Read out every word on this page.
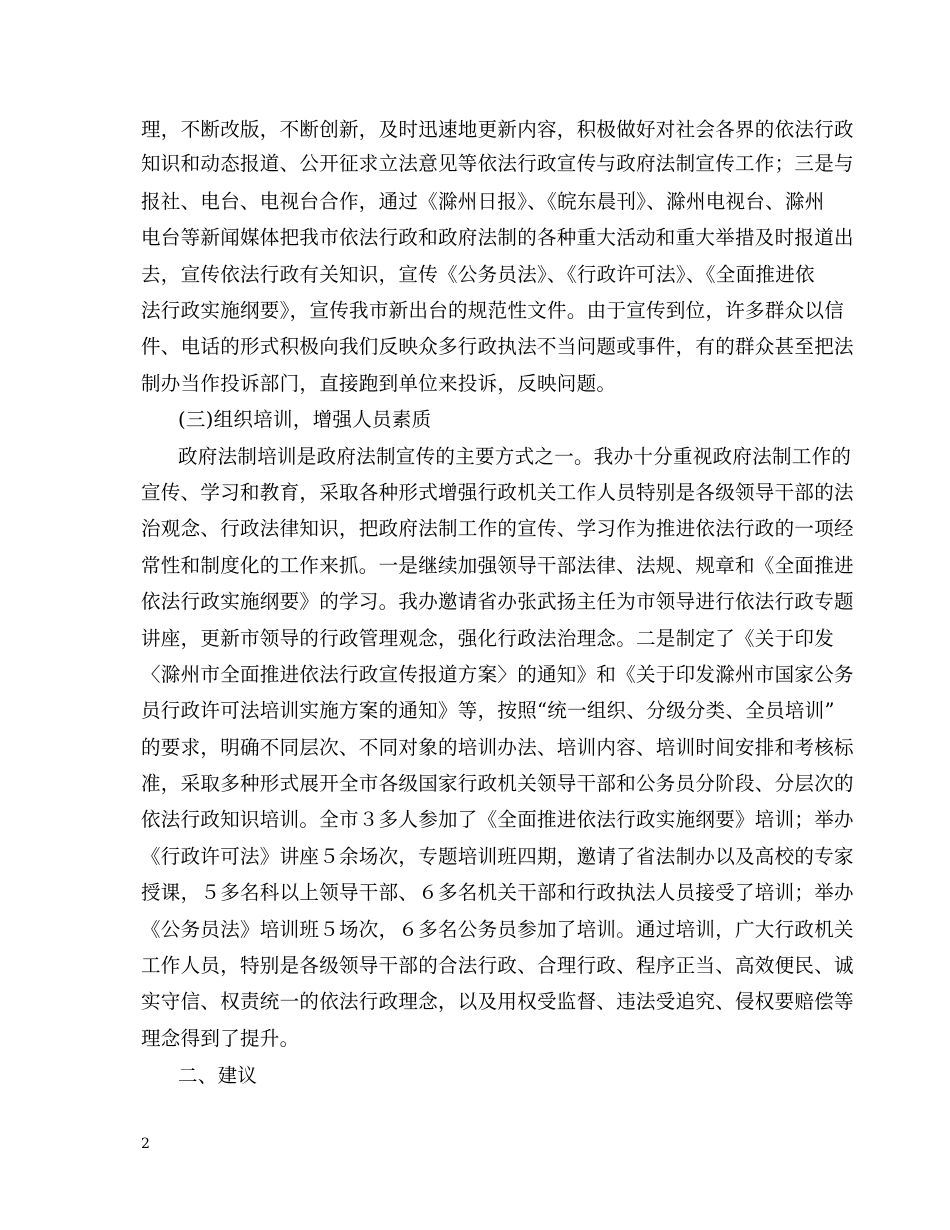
理，不断改版，不断创新，及时迅速地更新内容，积极做好对社会各界的依法行政
知识和动态报道、公开征求立法意见等依法行政宣传与政府法制宣传工作；三是与
报社、电台、电视台合作，通过《滁州日报》、《皖东晨刊》、滁州电视台、滁州
电台等新闻媒体把我市依法行政和政府法制的各种重大活动和重大举措及时报道出
去，宣传依法行政有关知识，宣传《公务员法》、《行政许可法》、《全面推进依
法行政实施纲要》，宣传我市新出台的规范性文件。由于宣传到位，许多群众以信
件、电话的形式积极向我们反映众多行政执法不当问题或事件，有的群众甚至把法
制办当作投诉部门，直接跑到单位来投诉，反映问题。
(三)组织培训，增强人员素质
政府法制培训是政府法制宣传的主要方式之一。我办十分重视政府法制工作的
宣传、学习和教育，采取各种形式增强行政机关工作人员特别是各级领导干部的法
治观念、行政法律知识，把政府法制工作的宣传、学习作为推进依法行政的一项经
常性和制度化的工作来抓。一是继续加强领导干部法律、法规、规章和《全面推进
依法行政实施纲要》的学习。我办邀请省办张武扬主任为市领导进行依法行政专题
讲座，更新市领导的行政管理观念，强化行政法治理念。二是制定了《关于印发
〈滁州市全面推进依法行政宣传报道方案〉的通知》和《关于印发滁州市国家公务
员行政许可法培训实施方案的通知》等，按照“统一组织、分级分类、全员培训”
的要求，明确不同层次、不同对象的培训办法、培训内容、培训时间安排和考核标
准，采取多种形式展开全市各级国家行政机关领导干部和公务员分阶段、分层次的
依法行政知识培训。全市３多人参加了《全面推进依法行政实施纲要》培训；举办
《行政许可法》讲座５余场次，专题培训班四期，邀请了省法制办以及高校的专家
授课，５多名科以上领导干部、６多名机关干部和行政执法人员接受了培训；举办
《公务员法》培训班５场次，６多名公务员参加了培训。通过培训，广大行政机关
工作人员，特别是各级领导干部的合法行政、合理行政、程序正当、高效便民、诚
实守信、权责统一的依法行政理念，以及用权受监督、违法受追究、侵权要赔偿等
理念得到了提升。
二、建议
2
